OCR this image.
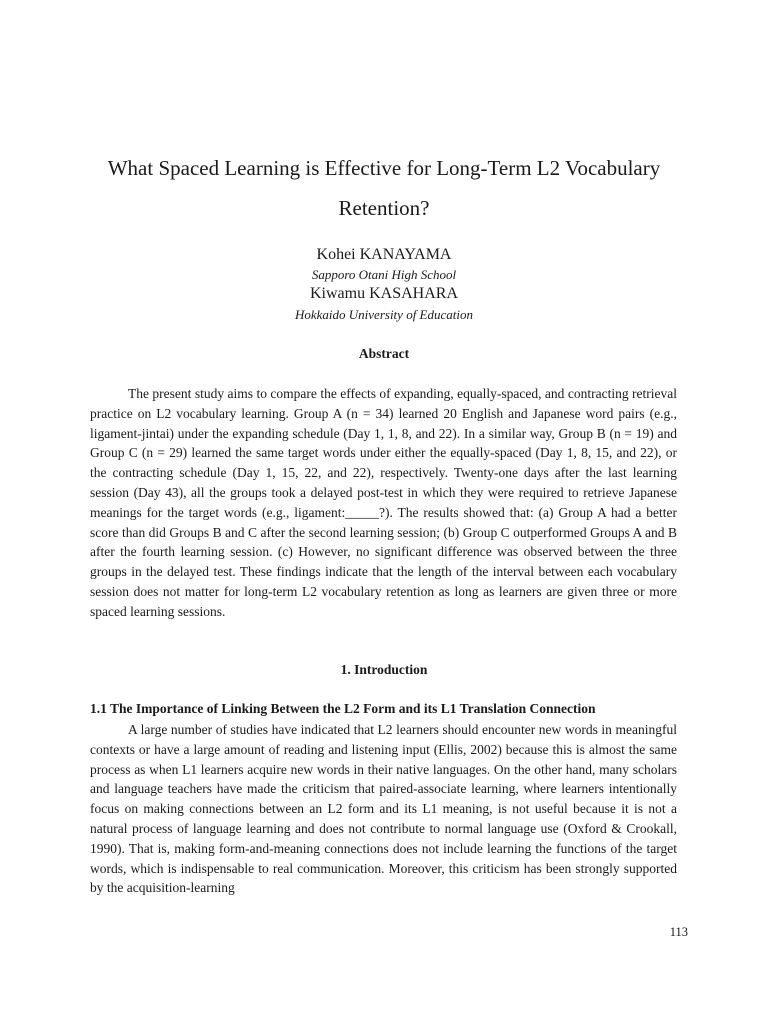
What Spaced Learning is Effective for Long-Term L2 Vocabulary Retention?

Kohei KANAYAMA

Sapporo Otani High School

Kiwamu KASAHARA

Hokkaido University of Education

Abstract

The present study aims to compare the effects of expanding, equally-spaced, and contracting retrieval practice on L2 vocabulary learning. Group A (n = 34) learned 20 English and Japanese word pairs (e.g., ligament-jintai) under the expanding schedule (Day 1, 1, 8, and 22). In a similar way, Group B (n = 19) and Group C (n = 29) learned the same target words under either the equally-spaced (Day 1, 8, 15, and 22), or the contracting schedule (Day 1, 15, 22, and 22), respectively. Twenty-one days after the last learning session (Day 43), all the groups took a delayed post-test in which they were required to retrieve Japanese meanings for the target words (e.g., ligament:_____?). The results showed that: (a) Group A had a better score than did Groups B and C after the second learning session; (b) Group C outperformed Groups A and B after the fourth learning session. (c) However, no significant difference was observed between the three groups in the delayed test. These findings indicate that the length of the interval between each vocabulary session does not matter for long-term L2 vocabulary retention as long as learners are given three or more spaced learning sessions.

1. Introduction

1.1 The Importance of Linking Between the L2 Form and its L1 Translation Connection

A large number of studies have indicated that L2 learners should encounter new words in meaningful contexts or have a large amount of reading and listening input (Ellis, 2002) because this is almost the same process as when L1 learners acquire new words in their native languages. On the other hand, many scholars and language teachers have made the criticism that paired-associate learning, where learners intentionally focus on making connections between an L2 form and its L1 meaning, is not useful because it is not a natural process of language learning and does not contribute to normal language use (Oxford & Crookall, 1990). That is, making form-and-meaning connections does not include learning the functions of the target words, which is indispensable to real communication. Moreover, this criticism has been strongly supported by the acquisition-learning

113
